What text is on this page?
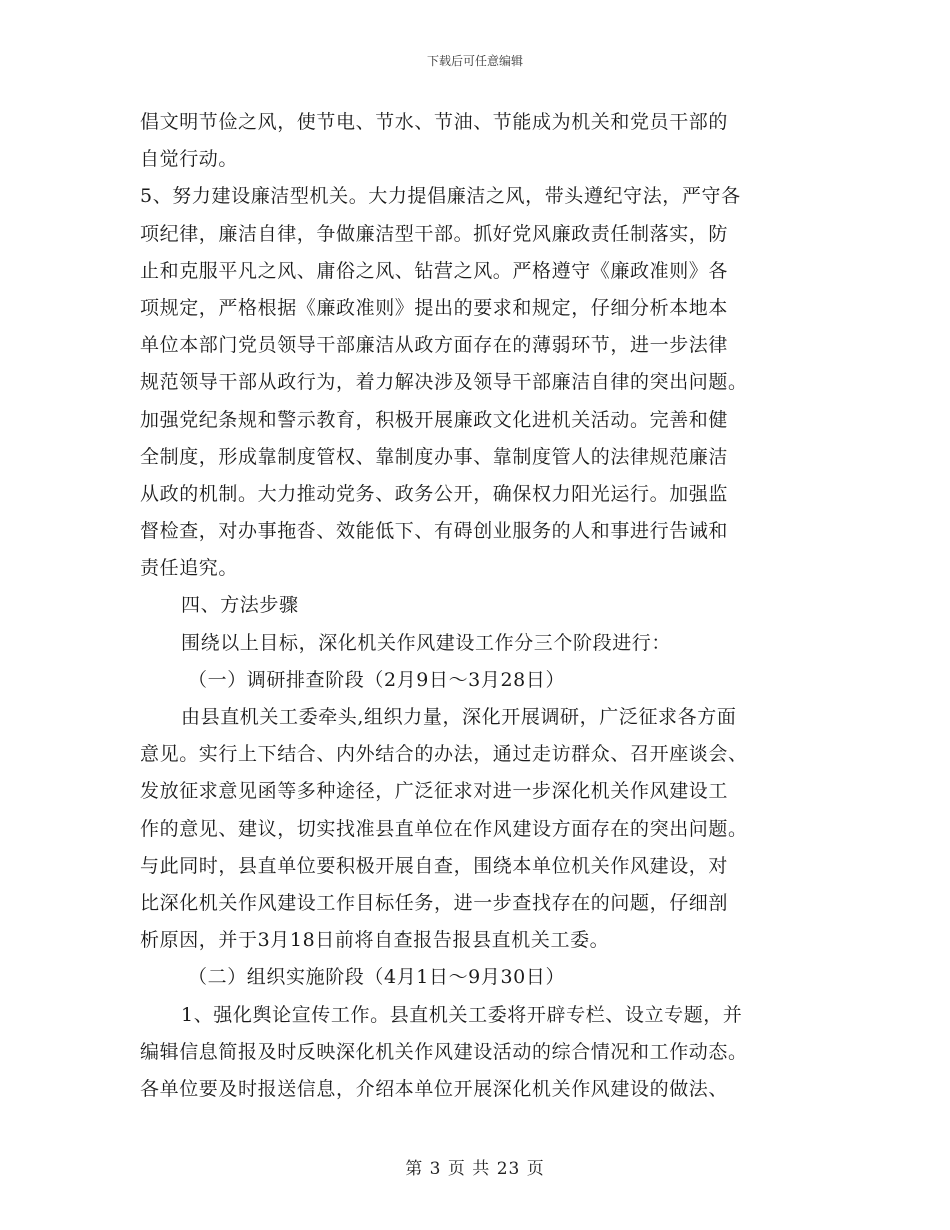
下载后可任意编辑
倡文明节俭之风，使节电、节水、节油、节能成为机关和党员干部的
自觉行动。
5、努力建设廉洁型机关。大力提倡廉洁之风，带头遵纪守法，严守各
项纪律，廉洁自律，争做廉洁型干部。抓好党风廉政责任制落实，防
止和克服平凡之风、庸俗之风、钻营之风。严格遵守《廉政准则》各
项规定，严格根据《廉政准则》提出的要求和规定，仔细分析本地本
单位本部门党员领导干部廉洁从政方面存在的薄弱环节，进一步法律
规范领导干部从政行为，着力解决涉及领导干部廉洁自律的突出问题。
加强党纪条规和警示教育，积极开展廉政文化进机关活动。完善和健
全制度，形成靠制度管权、靠制度办事、靠制度管人的法律规范廉洁
从政的机制。大力推动党务、政务公开，确保权力阳光运行。加强监
督检查，对办事拖沓、效能低下、有碍创业服务的人和事进行告诫和
责任追究。
四、方法步骤
围绕以上目标，深化机关作风建设工作分三个阶段进行：
（一）调研排查阶段（2月9日～3月28日）
由县直机关工委牵头,组织力量，深化开展调研，广泛征求各方面
意见。实行上下结合、内外结合的办法，通过走访群众、召开座谈会、
发放征求意见函等多种途径，广泛征求对进一步深化机关作风建设工
作的意见、建议，切实找准县直单位在作风建设方面存在的突出问题。
与此同时，县直单位要积极开展自查，围绕本单位机关作风建设，对
比深化机关作风建设工作目标任务，进一步查找存在的问题，仔细剖
析原因，并于3月18日前将自查报告报县直机关工委。
（二）组织实施阶段（4月1日～9月30日）
1、强化舆论宣传工作。县直机关工委将开辟专栏、设立专题，并
编辑信息简报及时反映深化机关作风建设活动的综合情况和工作动态。
各单位要及时报送信息，介绍本单位开展深化机关作风建设的做法、
第 3 页 共 23 页
